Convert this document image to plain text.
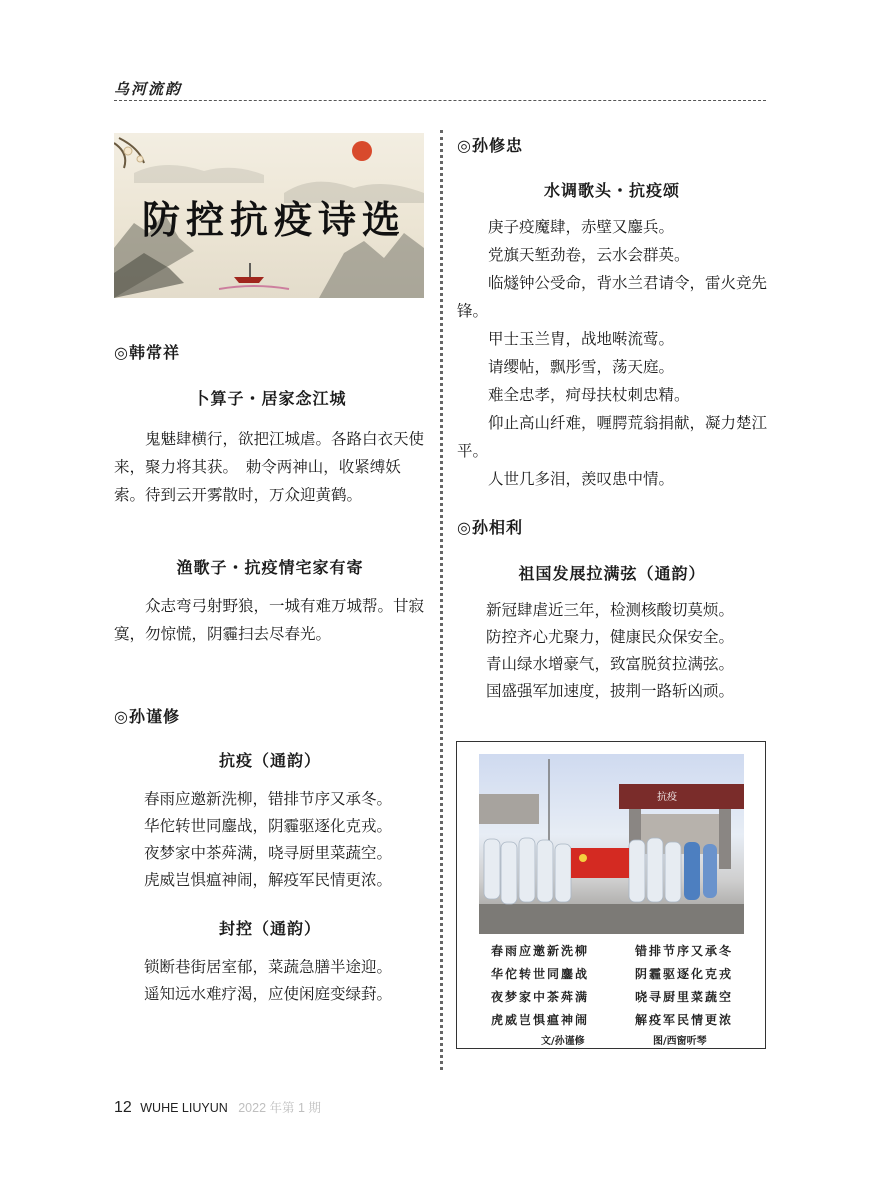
乌河流韵
防控抗疫诗选
◎韩常祥
卜算子・居家念江城

鬼魅肆横行，欲把江城虐。各路白衣天使来，聚力将其获。　勅令两神山，收紧缚妖索。待到云开雾散时，万众迎黄鹤。

渔歌子・抗疫情宅家有寄

众志弯弓射野狼，一城有难万城帮。甘寂寞，勿惊慌，阴霾扫去尽春光。

◎孙谨修
抗疫（通韵）
春雨应邀新洗柳，错排节序又承冬。
华佗转世同鏖战，阴霾驱逐化克戎。
夜梦家中茶荈满，哓寻厨里菜蔬空。
虎威岂惧瘟神闹，解疫军民情更浓。
封控（通韵）
锁断巷街居室郁，菜蔬急膳半途迎。
遥知远水难疗渴，应使闲庭变绿葑。
◎孙修忠
水调歌头・抗疫颂

庚子疫魔肆，赤壁又鏖兵。

党旗天堑劲卷，云水会群英。

临燧钟公受命，背水兰君请令，雷火竞先锋。

甲士玉兰胄，战地啭流莺。

请缨帖，飘彤雪，荡天庭。

难全忠孝，疴母扶杖刺忠精。

仰止高山纤难，喱腭荒翁捐献，凝力楚江平。

人世几多泪，羡叹患中情。

◎孙相利
祖国发展拉满弦（通韵）
新冠肆虐近三年，检测核酸切莫烦。
防控齐心尤聚力，健康民众保安全。
青山绿水增豪气，致富脱贫拉满弦。
国盛强军加速度，披荆一路斩凶顽。
抗疫
春雨应邀新洗柳	错排节序又承冬
华佗转世同鏖战	阴霾驱逐化克戎
夜梦家中茶荈满	哓寻厨里菜蔬空
虎威岂惧瘟神闹	解疫军民情更浓
文/孙谨修	图/西窗听琴
12 WUHE LIUYUN 2022 年第 1 期
